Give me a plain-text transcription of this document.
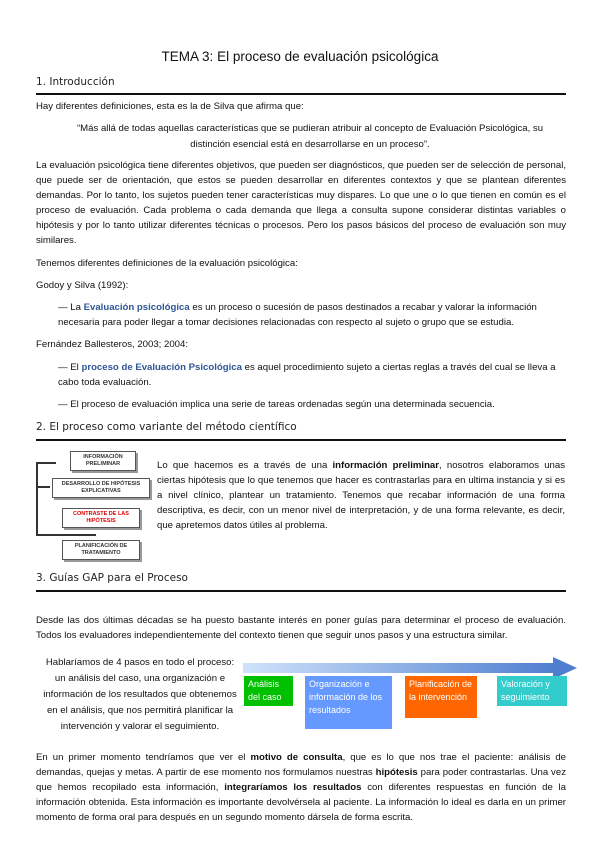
TEMA 3: El proceso de evaluación psicológica
1. Introducción
Hay diferentes definiciones, esta es la de Silva que afirma que:
“Más allá de todas aquellas características que se pudieran atribuir al concepto de Evaluación Psicológica, su distinción esencial está en desarrollarse en un proceso”.
La evaluación psicológica tiene diferentes objetivos, que pueden ser diagnósticos, que pueden ser de selección de personal, que puede ser de orientación, que estos se pueden desarrollar en diferentes contextos y que se plantean diferentes demandas. Por lo tanto, los sujetos pueden tener características muy dispares. Lo que une o lo que tienen en común es el proceso de evaluación. Cada problema o cada demanda que llega a consulta supone considerar distintas variables o hipótesis y por lo tanto utilizar diferentes técnicas o procesos. Pero los pasos básicos del proceso de evaluación son muy similares.
Tenemos diferentes definiciones de la evaluación psicológica:
Godoy y Silva (1992):
— La Evaluación psicológica es un proceso o sucesión de pasos destinados a recabar y valorar la información necesaria para poder llegar a tomar decisiones relacionadas con respecto al sujeto o grupo que se estudia.
Fernández Ballesteros, 2003; 2004:
— El proceso de Evaluación Psicológica es aquel procedimiento sujeto a ciertas reglas a través del cual se lleva a cabo toda evaluación.
— El proceso de evaluación implica una serie de tareas ordenadas según una determinada secuencia.
2. El proceso como variante del método científico
INFORMACIÓN PRELIMINAR
DESARROLLO DE HIPÓTESIS EXPLICATIVAS
CONTRASTE DE LAS HIPÓTESIS
PLANIFICACIÓN DE TRATAMIENTO
Lo que hacemos es a través de una información preliminar, nosotros elaboramos unas ciertas hipótesis que lo que tenemos que hacer es contrastarlas para en ultima instancia y si es a nivel clínico, plantear un tratamiento. Tenemos que recabar información de una forma descriptiva, es decir, con un menor nivel de interpretación, y de una forma relevante, es decir, que apretemos datos útiles al problema.
3. Guías GAP para el Proceso
Desde las dos últimas décadas se ha puesto bastante interés en poner guías para determinar el proceso de evaluación. Todos los evaluadores independientemente del contexto tienen que seguir unos pasos y una estructura similar.
Hablaríamos de 4 pasos en todo el proceso: un análisis del caso, una organización e información de los resultados que obtenemos en el análisis, que nos permitirá planificar la intervención y valorar el seguimiento.
Análisis del caso
Organización e información de los resultados
Planificación de la intervención
Valoración y seguimiento
En un primer momento tendríamos que ver el motivo de consulta, que es lo que nos trae el paciente: análisis de demandas, quejas y metas. A partir de ese momento nos formulamos nuestras hipótesis para poder contrastarlas. Una vez que hemos recopilado esta información, integraríamos los resultados con diferentes respuestas en función de la información obtenida. Esta información es importante devolvérsela al paciente. La información lo ideal es darla en un primer momento de forma oral para después en un segundo momento dársela de forma escrita.
